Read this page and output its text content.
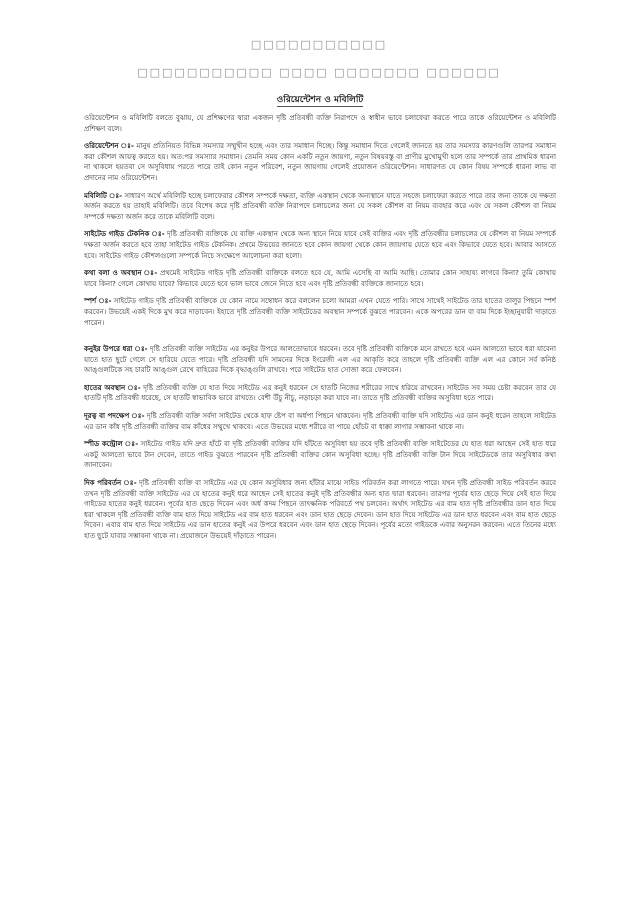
□□□□□□□□□□□
□□□□□□□□□□□ □□□□ □□□□□□□ □□□□□□
ওরিয়েন্টেশন ও মবিলিটি

ওরিয়েন্টেশন ও মবিলিটি বলতে বুঝায়, যে প্রশিক্ষণের দ্বারা একজন দৃষ্টি প্রতিবন্ধী ব্যক্তি নিরাপদে ও স্বাধীন ভাবে চলাফেরা করতে পারে তাকে ওরিয়েন্টেশন ও মবিলিটি প্রশিক্ষণ বলে।

ওরিয়েন্টেশন ঃ- মানুষ প্রতিনিয়ত বিভিন্ন সমস্যার সম্মুখীন হচ্ছে এবং তার সমাধান দিচ্ছে। কিন্তু সমাধান দিতে গেলেই জানতে হয় তার সমস্যার কারণগুলি তারপর সমাধান করা কৌশল আয়ত্ব করতে হয়। অত:পর সমস্যার সমাধান। তেমনি সময় কোন একটি নতুন জায়গা, নতুন বিষয়বস্তু বা প্রাণীর মুখোমুখী হলে তার সম্পর্কে তার প্রাথমিক ধারনা না থাকলে হয়তবা সে অসুবিধায় পরতে পারে তাই কোন নতুন পরিবেশ, নতুন জায়গায় গেলেই প্রয়োজন ওরিয়েন্টেশন। সাধারণত যে কোন বিষয় সম্পর্কে ধারনা লাভ বা প্রদানের নাম ওরিয়েন্টেশন।

মবিলিটি ঃ- সাধারণ অর্থে মবিলিটি হচ্ছে চলাফেরার কৌশল সম্পর্কে দক্ষতা, ব্যক্তি একস্থান থেকে অন্যস্থানে যাতে সহজে চলাফেরা করতে পারে তার জন্য তাকে যে দক্ষতা অর্জন করতে হয় তাহাই মবিলিটি। তবে বিশেষ করে দৃষ্টি প্রতিবন্ধী ব্যক্তি নিরাপদে চলাচলের জন্য যে সকল কৌশল বা নিয়ম ব্যবহার করে এবং যে সকল কৌশল বা নিয়ম সম্পর্কে দক্ষতা অর্জন করে তাকে মবিলিটি বলে।

সাইটেড গাইড টেকনিক ঃ- দৃষ্টি প্রতিবন্ধী ব্যক্তিকে যে ব্যক্তি একস্থান থেকে অন্য স্থানে নিয়ে যাবে সেই ব্যক্তির এবং দৃষ্টি প্রতিবন্ধীর চলাচলের যে কৌশল বা নিয়ম সম্পর্কে দক্ষতা অর্জন করতে হবে তাহা সাইটেড গাইড টেকনিক। প্রথমে উভয়ের জানতে হবে কোন জায়গা থেকে কোন জায়গায় যেতে হবে এবং কিভাবে যেতে হবে। আবার আসতে হবে। সাইটেড গাইড কৌশলগুলো সম্পর্কে নিচে সংক্ষেপে আলোচনা করা হলো।

কথা বলা ও অবস্থান ঃ- প্রথমেই সাইটেড গাইড দৃষ্টি প্রতিবন্ধী ব্যক্তিকে বলতে হবে যে, আমি এসেছি বা আমি আছি। তোমার কোন সাহায্য লাগবে কিনা? তুমি কোথায় যাবে কিনা? গেলে কোথায় যাবে? কিভাবে যেতে হবে ভাল ভাবে জেনে নিতে হবে এবং দৃষ্টি প্রতিবন্ধী ব্যক্তিকে জানাতে হবে।

স্পর্শ ঃ- সাইটেড গাইড দৃষ্টি প্রতিবন্ধী ব্যক্তিকে যে কোন নামে সম্বোধন করে বললেন চলো আমরা এখন যেতে পারি। সাথে সাথেই সাইটেড তার হাতের তালুর পিছনে স্পর্শ করবেন। উভয়েই একই দিকে মুখ করে দাড়াবেন। ইহাতে দৃষ্টি প্রতিবন্ধী ব্যক্তি সাইটেডের অবস্থান সম্পর্কে বুঝতে পারবেন। একে অপরের ডান বা বাম দিকে ইচ্ছানুযায়ী দাড়াতে পারেন।

কনুইর উপরে ধরা ঃ- দৃষ্টি প্রতিবন্ধী ব্যক্তি সাইটেড এর কনুইর উপরে আলতোভাবে ধরবেন। তবে দৃষ্টি প্রতিবন্ধী ব্যক্তিকে মনে রাখতে হবে এমন আলতো ভাবে ধরা যাবেনা যাতে হাত ছুটে গেলে সে হারিয়ে যেতে পারে। দৃষ্টি প্রতিবন্ধী যদি সামনের দিকে ইংরেজী এল এর আকৃতি করে তাহলে দৃষ্টি প্রতিবন্ধী ব্যক্তি এল এর কোনে সর্ব কনিষ্ঠ আঙ্গুলটিকে সহ চারটি আঙ্গুল রেখে বাহিরের দিকে বৃদ্ধাঙ্গুলি রাখবে। পরে সাইটেড হাত সোজা করে ফেলবেন।

হাতের অবস্থান ঃ- দৃষ্টি প্রতিবন্ধী ব্যক্তি যে হাত দিয়ে সাইটেড এর কনুই ধরবেন সে হাতটি নিজের শরীরের সাথে ধরিয়ে রাখবেন। সাইটেড সব সময় চেষ্টা করবেন তার যে হাতটি দৃষ্টি প্রতিবন্ধী ধরেছে, সে হাতটি স্বাভাবিক ভাবে রাখতে। বেশী উঁচু নীচু, নড়াচড়া করা যাবে না। তাতে দৃষ্টি প্রতিবন্ধী ব্যক্তির অসুবিধা হতে পারে।

দূরত্ব বা পদক্ষেপ ঃ- দৃষ্টি প্রতিবন্ধী ব্যক্তি সর্বদা সাইটেড থেকে হাফ ষ্টেপ বা অর্ধপা পিছনে থাকবেন। দৃষ্টি প্রতিবন্ধী ব্যক্তি যদি সাইটেড এর ডান কনুই ধরেন তাহলে সাইটেড এর ডান কাঁধ দৃষ্টি প্রতিবন্ধী ব্যক্তির বাম কাঁধের সম্মুখে থাকবে। এতে উভয়ের মধ্যে শরীরে বা পায়ে হোঁচট বা ধাক্কা লাগার সম্ভাবনা থাকে না।

স্পীড কন্ট্রোল ঃ- সাইটেড গাইড যদি দ্রুত হাঁটে বা দৃষ্টি প্রতিবন্ধী ব্যক্তির যদি হাঁটতে অসুবিধা হয় তবে দৃষ্টি প্রতিবন্ধী ব্যক্তি সাইটেডের যে হাত ধরা আছেন সেই হাত ধরে একটু আলতো ভাবে টান দেবেন, তাতে গাইড বুঝতে পারবেন দৃষ্টি প্রতিবন্ধী ব্যক্তির কোন অসুবিধা হচ্ছে। দৃষ্টি প্রতিবন্ধী ব্যক্তি টান দিয়ে সাইটেডকে তার অসুবিধার কথা জানাবেন।

দিক পরিবর্তন ঃ- দৃষ্টি প্রতিবন্ধী ব্যক্তি বা সাইটেড এর যে কোন অসুবিধার জন্য হাঁটার মাঝে সাইড পরিবর্তন করা লাগতে পারে। যখন দৃষ্টি প্রতিবন্ধী সাইড পরিবর্তন করবে তখন দৃষ্টি প্রতিবন্ধী ব্যক্তি সাইটেড এর যে হাতের কনুই ধরে আছেন সেই হাতের কনুই দৃষ্টি প্রতিবন্ধীর অন্য হাত দ্বারা ধরবেন। তারপর পূর্বের হাত ছেড়ে দিয়ে সেই হাত দিয়ে গাইডের হাতের কনুই ধরবেন। পূর্বের হাত ছেড়ে দিবেন এবং অর্ধ কদম পিছনে তাৎক্ষনিক পরিবর্তে পথ চলবেন। অর্থাৎ সাইটেড এর বাম হাত দৃষ্টি প্রতিবন্ধীর ডান হাত দিয়ে ধরা থাকলে দৃষ্টি প্রতিবন্ধী ব্যক্তি বাম হাত দিয়ে সাইটেড এর বাম হাত ধরবেন এবং ডান হাত ছেড়ে দেবেন। ডান হাত দিয়ে সাইটেড এর ডান হাত ধরবেন এবং বাম হাত ছেড়ে দিবেন। এবার বাম হাত দিয়ে সাইটেড এর ডান হাতের কনুই এর উপরে ধরবেন এবং ডান হাত ছেড়ে দিবেন। পূর্বের মতো গাইডকে এবার অনুসরন করবেন। এতে তিনের মধ্যে হাত ছুটে যাবার সম্ভাবনা থাকে না। প্রয়োজনে উভয়েই দাঁড়াতে পারেন।
